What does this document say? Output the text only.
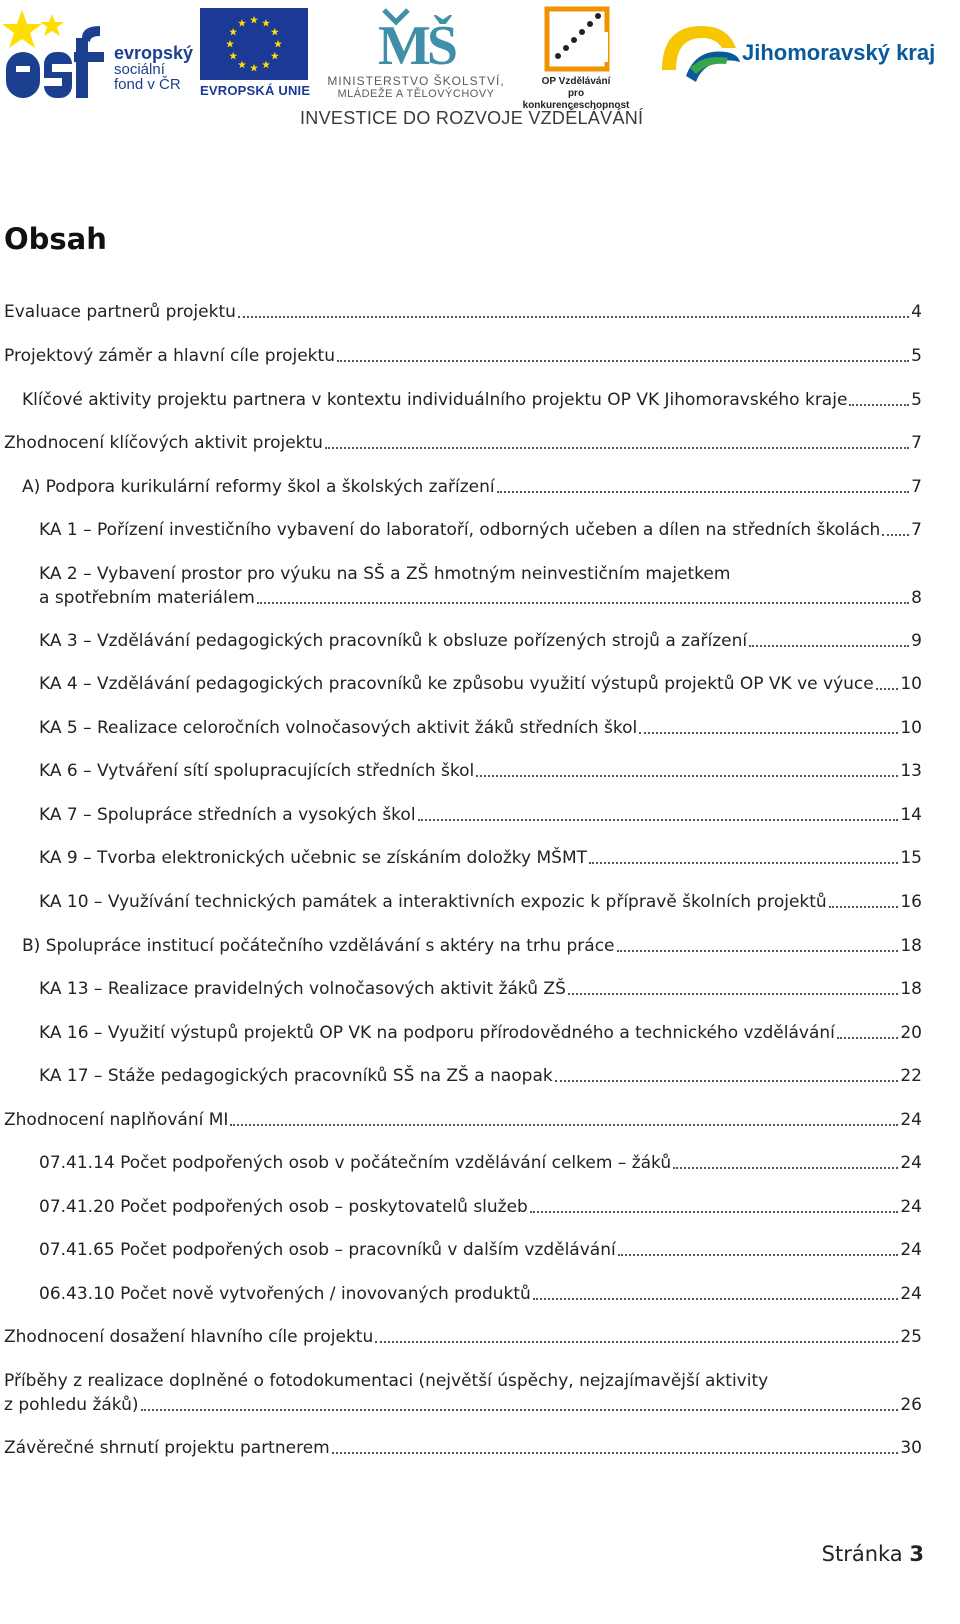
evropský
sociální
fond v ČR	EVROPSKÁ UNIE
MŠ
MINISTERSTVO ŠKOLSTVÍ,
MLÁDEŽE A TĚLOVÝCHOVY
OP Vzdělávání
pro konkurenceschopnost
Jihomoravský kraj
INVESTICE DO ROZVOJE VZDĚLÁVÁNÍ
Obsah
Evaluace partnerů projektu	4
Projektový záměr a hlavní cíle projektu	5
Klíčové aktivity projektu partnera v kontextu individuálního projektu OP VK Jihomoravského kraje	5
Zhodnocení klíčových aktivit projektu	7
A) Podpora kurikulární reformy škol a školských zařízení	7
KA 1 – Pořízení investičního vybavení do laboratoří, odborných učeben a dílen na středních školách 7
KA 2 – Vybavení prostor pro výuku na SŠ a ZŠ hmotným neinvestičním majetkem
a spotřebním materiálem	8
KA 3 – Vzdělávání pedagogických pracovníků k obsluze pořízených strojů a zařízení	9
KA 4 – Vzdělávání pedagogických pracovníků ke způsobu využití výstupů projektů OP VK ve výuce 10
KA 5 – Realizace celoročních volnočasových aktivit žáků středních škol	10
KA 6 – Vytváření sítí spolupracujících středních škol	13
KA 7 – Spolupráce středních a vysokých škol	14
KA 9 – Tvorba elektronických učebnic se získáním doložky MŠMT	15
KA 10 – Využívání technických památek a interaktivních expozic k přípravě školních projektů	16
B) Spolupráce institucí počátečního vzdělávání s aktéry na trhu práce	18
KA 13 – Realizace pravidelných volnočasových aktivit žáků ZŠ	18
KA 16 – Využití výstupů projektů OP VK na podporu přírodovědného a technického vzdělávání	20
KA 17 – Stáže pedagogických pracovníků SŠ na ZŠ a naopak	22
Zhodnocení naplňování MI	24
07.41.14 Počet podpořených osob v počátečním vzdělávání celkem – žáků	24
07.41.20 Počet podpořených osob – poskytovatelů služeb	24
07.41.65 Počet podpořených osob – pracovníků v dalším vzdělávání	24
06.43.10 Počet nově vytvořených / inovovaných produktů	24
Zhodnocení dosažení hlavního cíle projektu	25
Příběhy z realizace doplněné o fotodokumentaci (největší úspěchy, nejzajímavější aktivity
z pohledu žáků)	26
Závěrečné shrnutí projektu partnerem	30
Stránka 3
